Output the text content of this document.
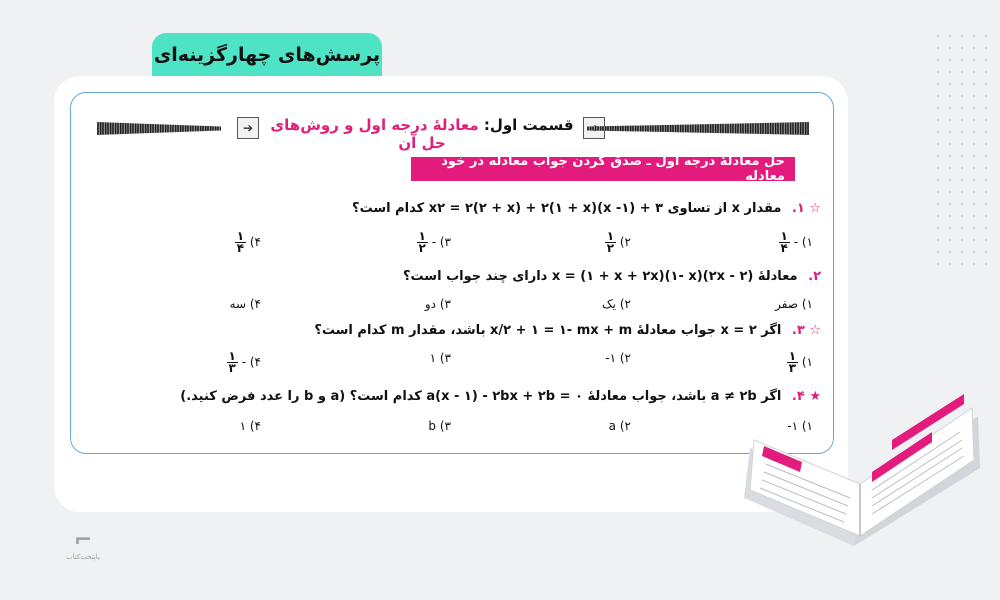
پرسش‌های چهارگزینه‌ای
➔	قسمت اول: معادلهٔ درجه اول و روش‌های حل آن
حل معادلهٔ درجه اول ـ صدق کردن جواب معادله در خود معادله
☆ ۱. مقدار x از تساوی ۳ + (۱- x)x۲ = ۲(۲ + x) + ۲(۱ + x) کدام است؟
۱) -
$\frac{۱}{۴}$
۲)
$\frac{۱}{۲}$
۳) -
$\frac{۱}{۲}$
۴)
$\frac{۱}{۴}$
۲. معادلهٔ (۲ - ۲x)x = (۱ + x + ۲x)(۱- x) دارای چند جواب است؟
۱) صفر
۲) یک
۳) دو
۴) سه
☆ ۳. اگر x = ۲ جواب معادلهٔ x/۲ + ۱ = ۱- mx + m باشد، مقدار m کدام است؟
۱)
$\frac{۱}{۳}$
۲) ۱-
۳) ۱
۴) -
$\frac{۱}{۳}$
★ ۴. اگر a ≠ ۲b باشد، جواب معادلهٔ a(x - ۱) - ۲bx + ۲b = ۰ کدام است؟ (a و b را عدد فرض کنید.)
۱) ۱-
۲) a
۳) b
۴) ۱
⌐
پاپتخت‌کتاب
